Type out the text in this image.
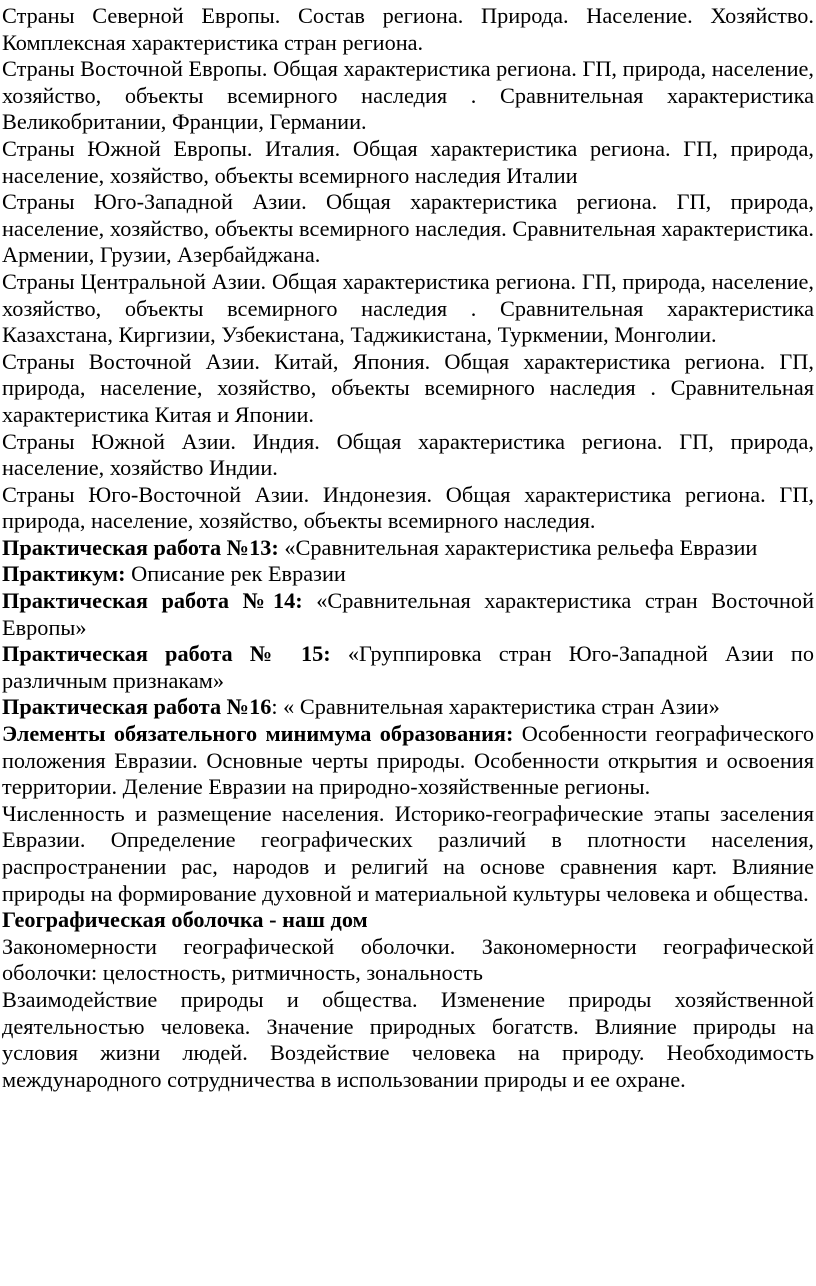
Страны Северной Европы. Состав региона. Природа. Население. Хозяйство. Комплексная характеристика стран региона.

Страны Восточной Европы. Общая характеристика региона. ГП, природа, население, хозяйство, объекты всемирного наследия . Сравнительная характеристика Великобритании, Франции, Германии.

Страны Южной Европы. Италия. Общая характеристика региона. ГП, природа, население, хозяйство, объекты всемирного наследия Италии

Страны Юго-Западной Азии. Общая характеристика региона. ГП, природа, население, хозяйство, объекты всемирного наследия. Сравнительная характеристика. Армении, Грузии, Азербайджана.

Страны Центральной Азии. Общая характеристика региона. ГП, природа, население, хозяйство, объекты всемирного наследия . Сравнительная характеристика Казахстана, Киргизии, Узбекистана, Таджикистана, Туркмении, Монголии.

Страны Восточной Азии. Китай, Япония. Общая характеристика региона. ГП, природа, население, хозяйство, объекты всемирного наследия . Сравнительная характеристика Китая и Японии.

Страны Южной Азии. Индия. Общая характеристика региона. ГП, природа, население, хозяйство Индии.

Страны Юго-Восточной Азии. Индонезия. Общая характеристика региона. ГП, природа, население, хозяйство, объекты всемирного наследия.

Практическая работа №13: «Сравнительная характеристика рельефа Евразии

Практикум: Описание рек Евразии

Практическая работа №14: «Сравнительная характеристика стран Восточной Европы»

Практическая работа № 15: «Группировка стран Юго-Западной Азии по различным признакам»

Практическая работа №16: « Сравнительная характеристика стран Азии»

Элементы обязательного минимума образования: Особенности географического положения Евразии. Основные черты природы. Особенности открытия и освоения территории. Деление Евразии на природно-хозяйственные регионы.

Численность и размещение населения. Историко-географические этапы заселения Евразии. Определение географических различий в плотности населения, распространении рас, народов и религий на основе сравнения карт. Влияние природы на формирование духовной и материальной культуры человека и общества.

Географическая оболочка - наш дом

Закономерности географической оболочки. Закономерности географической оболочки: целостность, ритмичность, зональность

Взаимодействие природы и общества. Изменение природы хозяйственной деятельностью человека. Значение природных богатств. Влияние природы на условия жизни людей. Воздействие человека на природу. Необходимость международного сотрудничества в использовании природы и ее охране.
